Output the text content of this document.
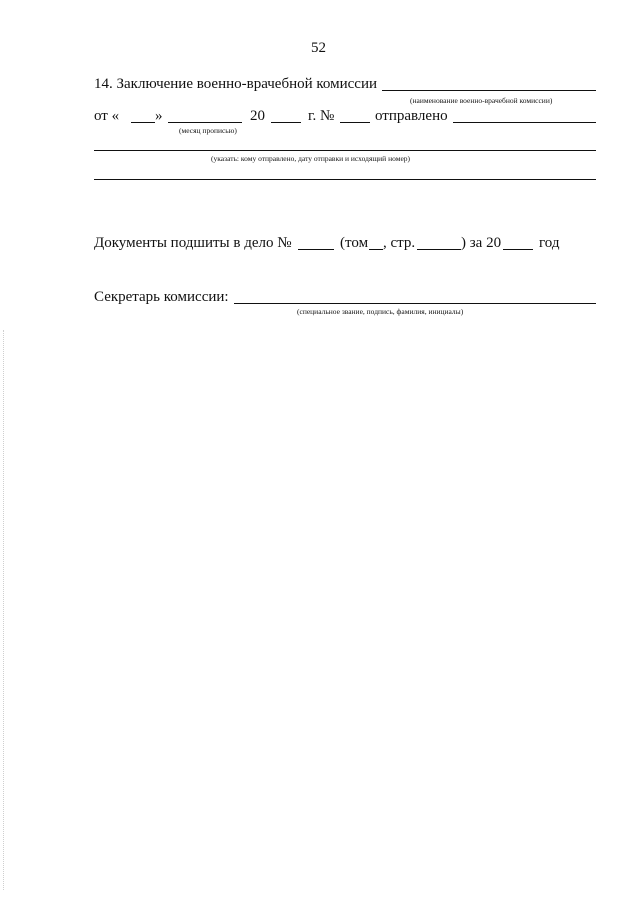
52
14. Заключение военно-врачебной комиссии
(наименование военно-врачебной комиссии)
от « »	20	г. №	отправлено
(месяц прописью)
(указать: кому отправлено, дату отправки и исходящий номер)
Документы подшиты в дело №	(том , стр.	) за 20	год
Секретарь комиссии:
(специальное звание, подпись, фамилия, инициалы)
